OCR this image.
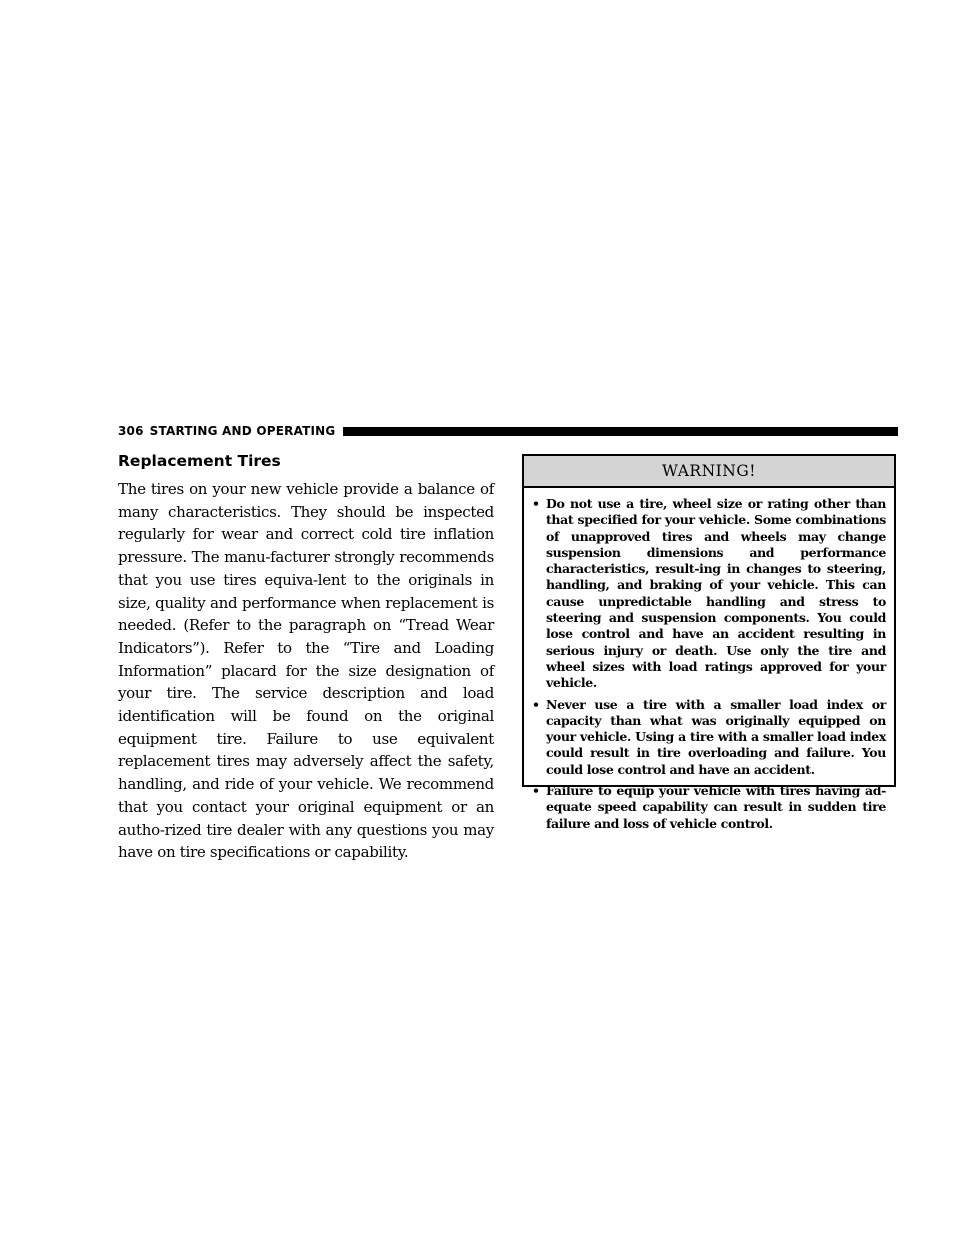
306 STARTING AND OPERATING
Replacement Tires

The tires on your new vehicle provide a balance of many characteristics. They should be inspected regularly for wear and correct cold tire inflation pressure. The manu-facturer strongly recommends that you use tires equiva-lent to the originals in size, quality and performance when replacement is needed. (Refer to the paragraph on “Tread Wear Indicators”). Refer to the “Tire and Loading Information” placard for the size designation of your tire. The service description and load identification will be found on the original equipment tire. Failure to use equivalent replacement tires may adversely affect the safety, handling, and ride of your vehicle. We recommend that you contact your original equipment or an autho-rized tire dealer with any questions you may have on tire specifications or capability.

WARNING!
• Do not use a tire, wheel size or rating other than that specified for your vehicle. Some combinations of unapproved tires and wheels may change suspension dimensions and performance characteristics, result-ing in changes to steering, handling, and braking of your vehicle. This can cause unpredictable handling and stress to steering and suspension components. You could lose control and have an accident resulting in serious injury or death. Use only the tire and wheel sizes with load ratings approved for your vehicle.
• Never use a tire with a smaller load index or capacity than what was originally equipped on your vehicle. Using a tire with a smaller load index could result in tire overloading and failure. You could lose control and have an accident.
• Failure to equip your vehicle with tires having ad-equate speed capability can result in sudden tire failure and loss of vehicle control.
